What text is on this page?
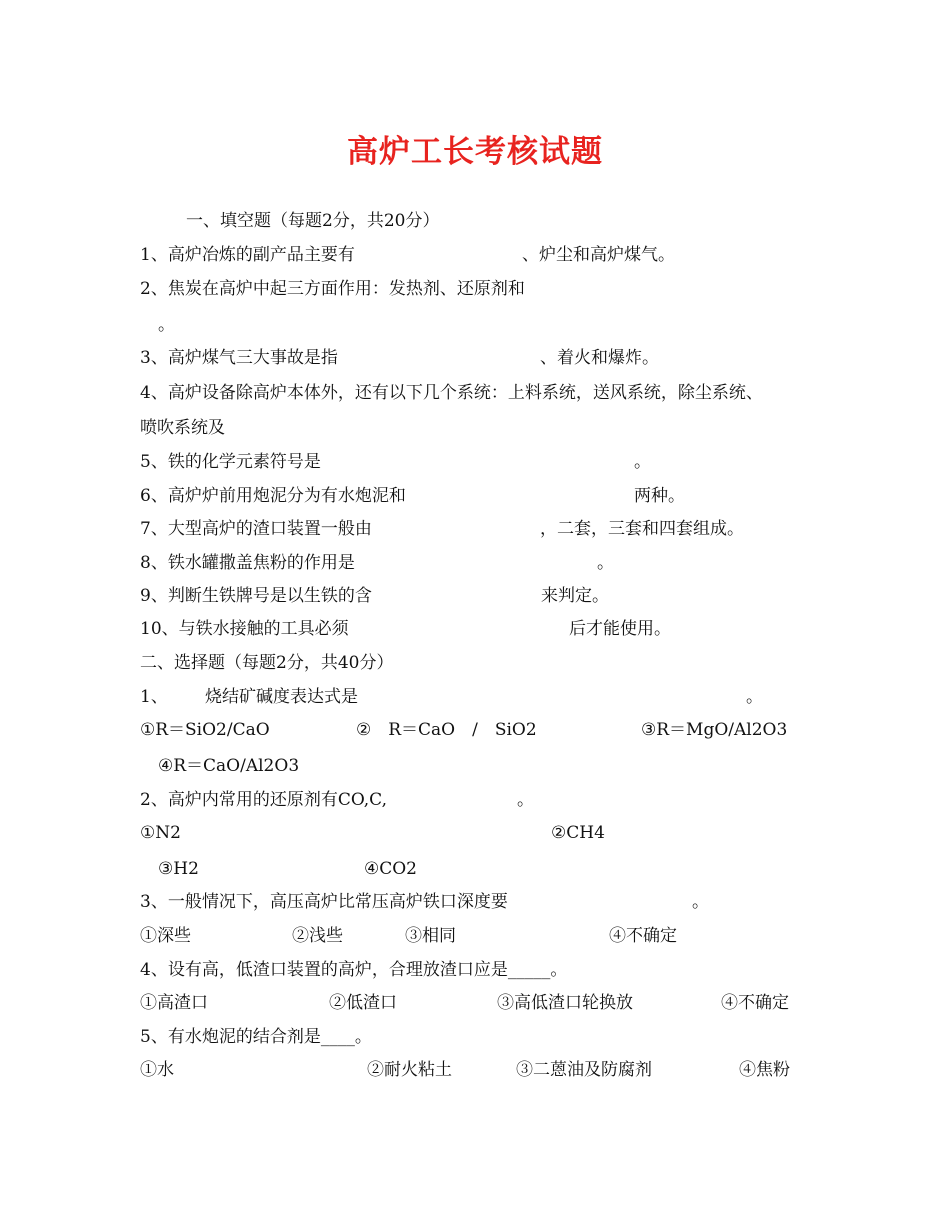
高炉工长考核试题
一、填空题（每题2分，共20分）
1、高炉冶炼的副产品主要有	、炉尘和高炉煤气。
2、焦炭在高炉中起三方面作用：发热剂、还原剂和
。
3、高炉煤气三大事故是指	、着火和爆炸。
4、高炉设备除高炉本体外，还有以下几个系统：上料系统，送风系统，除尘系统、
喷吹系统及
5、铁的化学元素符号是	。
6、高炉炉前用炮泥分为有水炮泥和	两种。
7、大型高炉的渣口装置一般由	，二套，三套和四套组成。
8、铁水罐撒盖焦粉的作用是	。
9、判断生铁牌号是以生铁的含	来判定。
10、与铁水接触的工具必须	后才能使用。
二、选择题（每题2分，共40分）
1、 烧结矿碱度表达式是	。
①R＝SiO2/CaO	②　R＝CaO　/　SiO2	③R＝MgO/Al2O3
④R＝CaO/Al2O3
2、高炉内常用的还原剂有CO,C,	。
①N2	②CH4
③H2	④CO2
3、一般情况下，高压高炉比常压高炉铁口深度要	。
①深些	②浅些	③相同	④不确定
4、设有高，低渣口装置的高炉，合理放渣口应是_____。
①高渣口	②低渣口	③高低渣口轮换放	④不确定
5、有水炮泥的结合剂是____。
①水	②耐火粘土	③二蒽油及防腐剂	④焦粉
